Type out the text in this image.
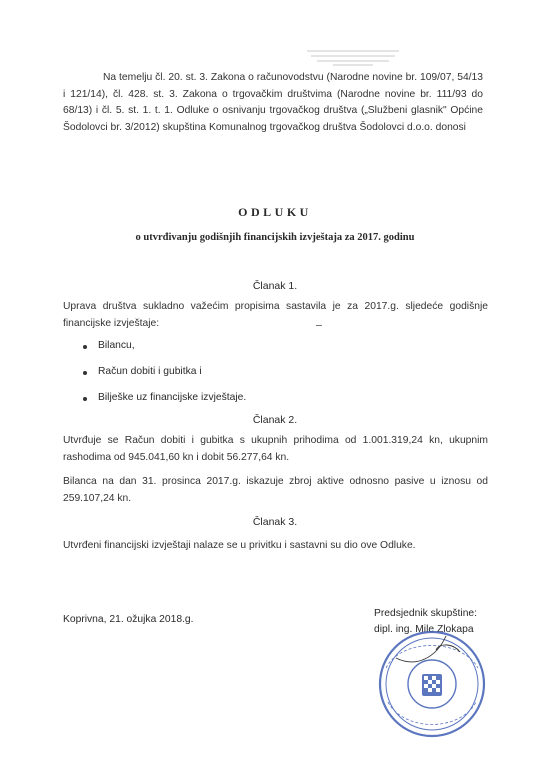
Na temelju čl. 20. st. 3. Zakona o računovodstvu (Narodne novine br. 109/07, 54/13 i 121/14), čl. 428. st. 3. Zakona o trgovačkim društvima (Narodne novine br. 111/93 do 68/13) i čl. 5. st. 1. t. 1. Odluke o osnivanju trgovačkog društva („Službeni glasnik" Općine Šodolovci br. 3/2012) skupština Komunalnog trgovačkog društva Šodolovci d.o.o. donosi
ODLUKU
o utvrđivanju godišnjih financijskih izvještaja za 2017. godinu
Članak 1.
Uprava društva sukladno važećim propisima sastavila je za 2017.g. sljedeće godišnje financijske izvještaje:
Bilancu,
Račun dobiti i gubitka i
Bilješke uz financijske izvještaje.
Članak 2.
Utvrđuje se Račun dobiti i gubitka s ukupnih prihodima od 1.001.319,24 kn, ukupnim rashodima od 945.041,60 kn i dobit 56.277,64 kn.
Bilanca na dan 31. prosinca 2017.g. iskazuje zbroj aktive odnosno pasive u iznosu od 259.107,24 kn.
Članak 3.
Utvrđeni financijski izvještaji nalaze se u privitku i sastavni su dio ove Odluke.
Koprivna, 21. ožujka 2018.g.
Predsjednik skupštine:
dipl. ing. Mile Zlokapa
